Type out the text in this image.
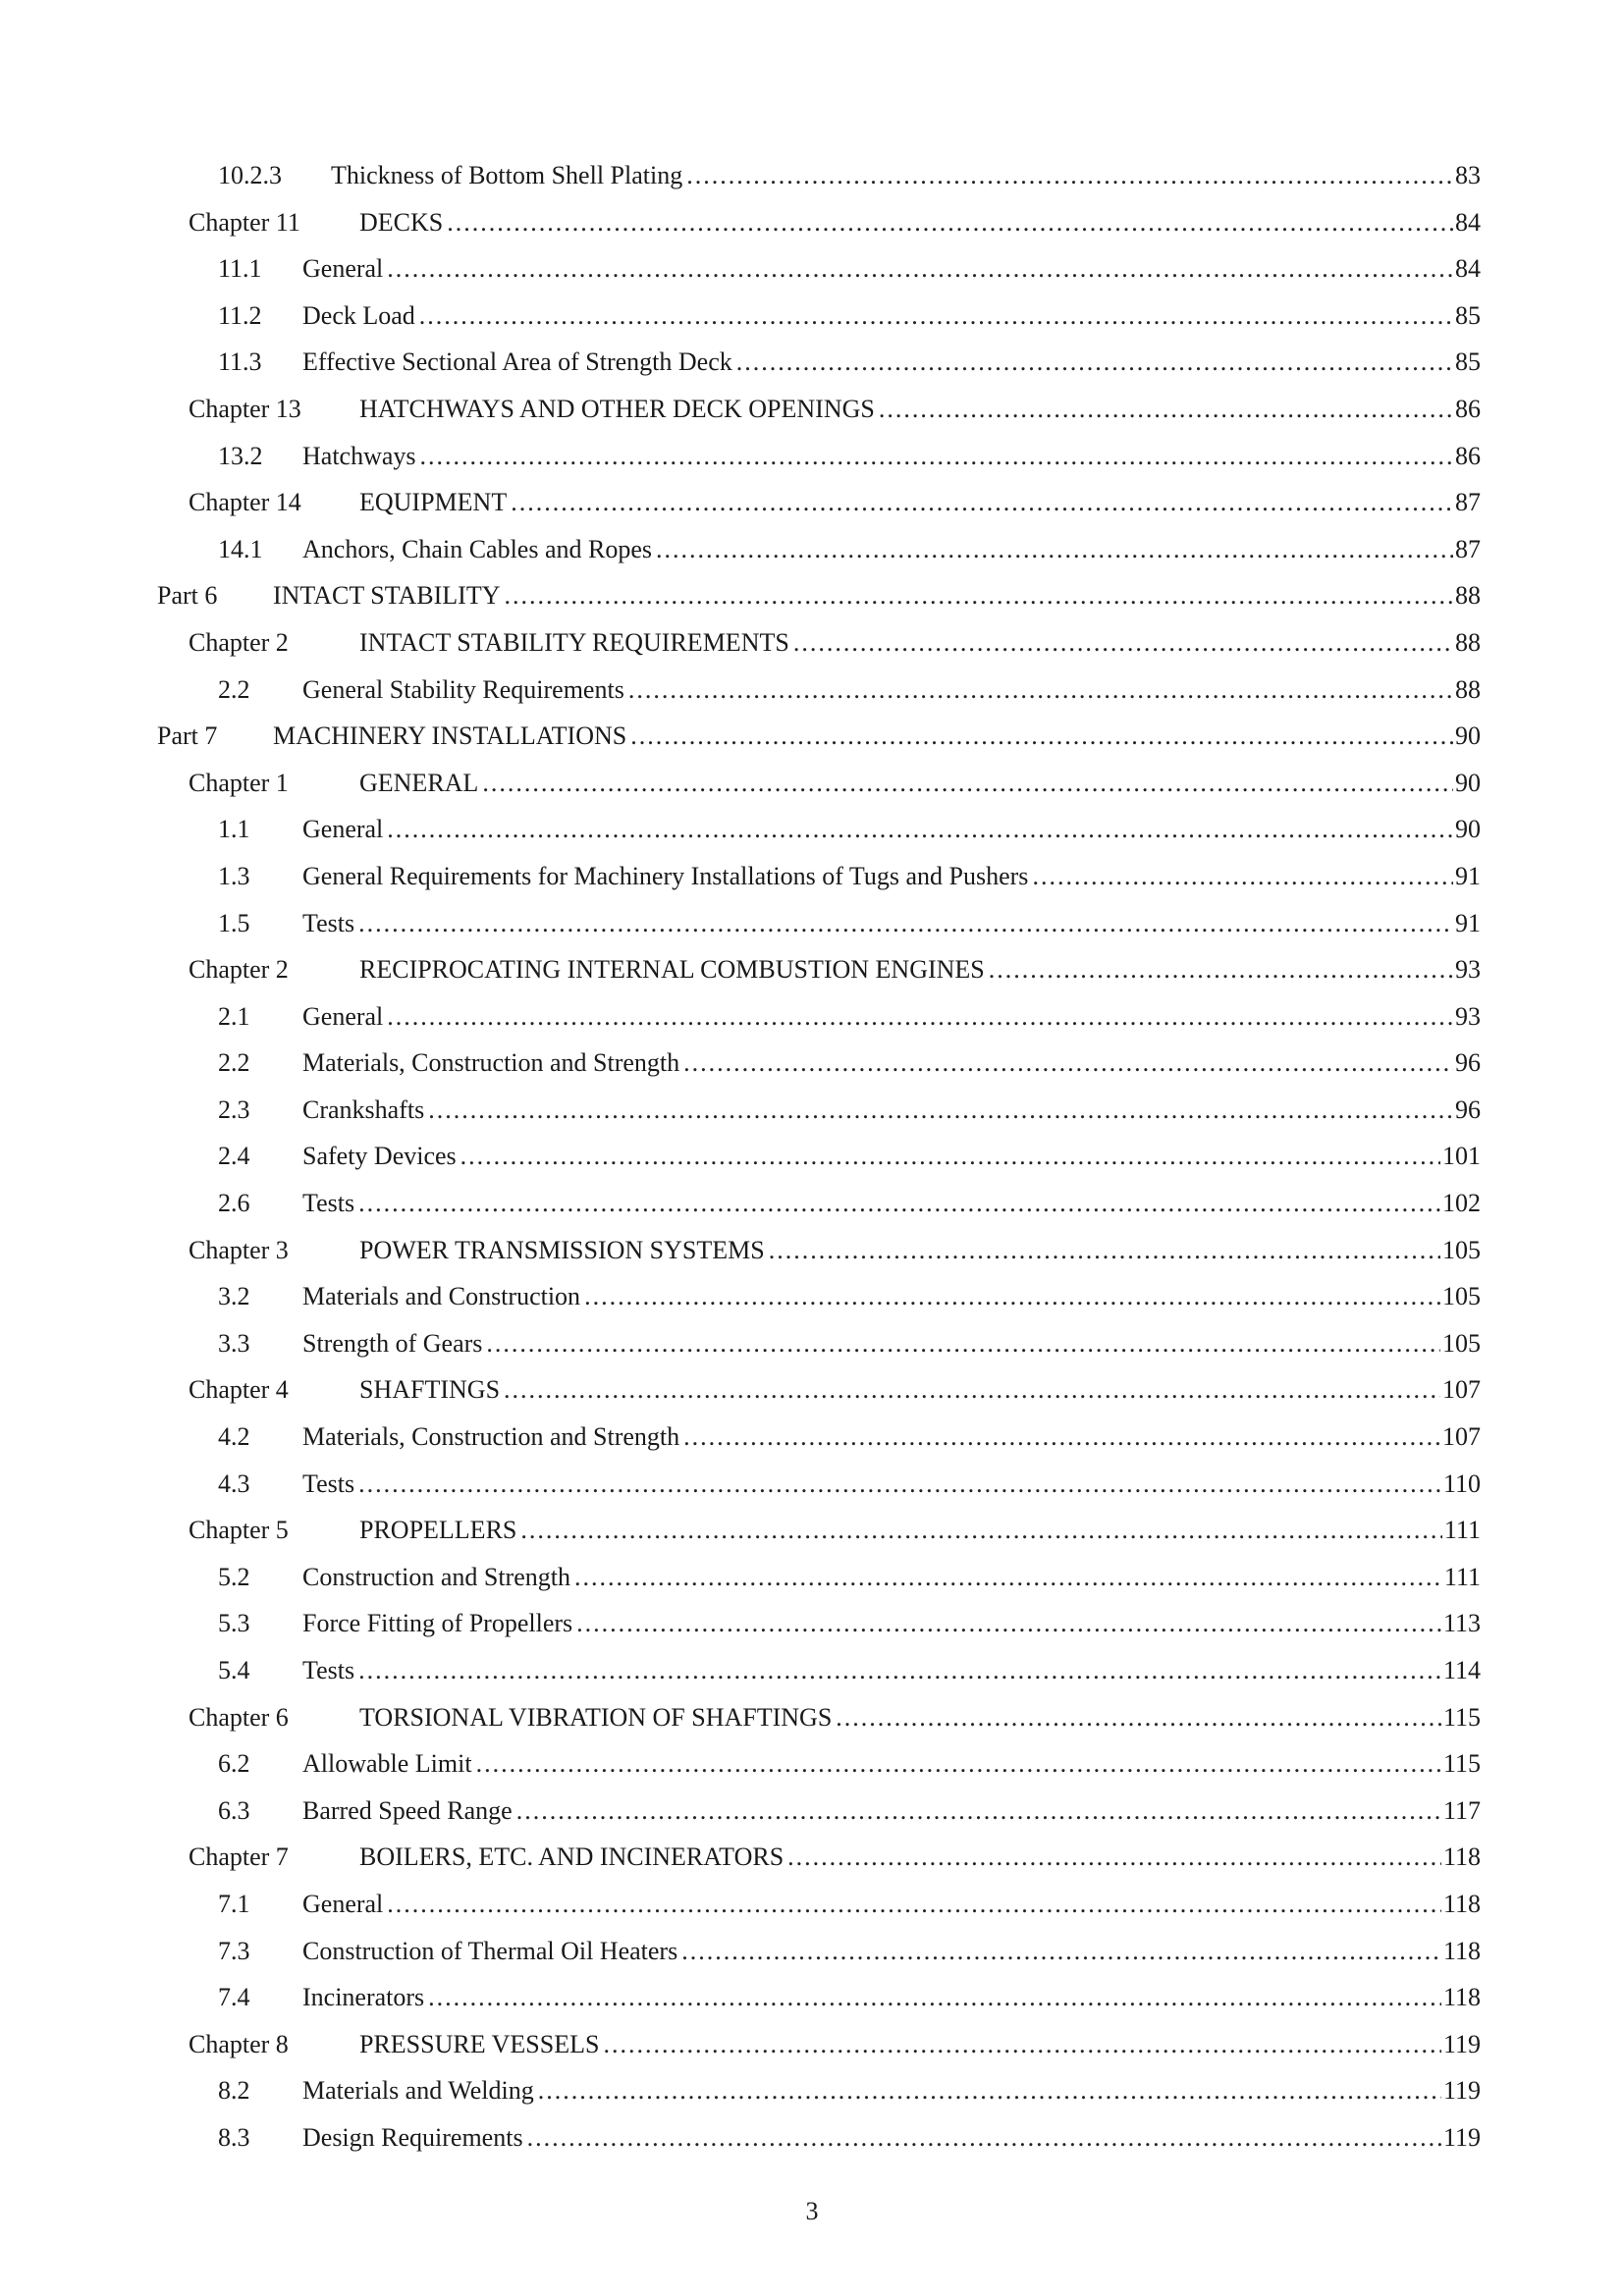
10.2.3 Thickness of Bottom Shell Plating .....	83
Chapter 11 DECKS .....	84
11.1 General .....	84
11.2 Deck Load .....	85
11.3 Effective Sectional Area of Strength Deck .....	85
Chapter 13 HATCHWAYS AND OTHER DECK OPENINGS .....	86
13.2 Hatchways .....	86
Chapter 14 EQUIPMENT .....	87
14.1 Anchors, Chain Cables and Ropes .....	87
Part 6 INTACT STABILITY .....	88
Chapter 2	INTACT STABILITY REQUIREMENTS .....	88
2.2 General Stability Requirements .....	88
Part 7 MACHINERY INSTALLATIONS .....	90
Chapter 1	GENERAL .....	90
1.1 General .....	90
1.3 General Requirements for Machinery Installations of Tugs and Pushers .....	91
1.5 Tests .....	91
Chapter 2	RECIPROCATING INTERNAL COMBUSTION ENGINES .....	93
2.1 General .....	93
2.2 Materials, Construction and Strength .....	96
2.3 Crankshafts .....	96
2.4 Safety Devices .....	101
2.6 Tests .....	102
Chapter 3	POWER TRANSMISSION SYSTEMS .....	105
3.2 Materials and Construction .....	105
3.3 Strength of Gears .....	105
Chapter 4	SHAFTINGS .....	107
4.2 Materials, Construction and Strength .....	107
4.3 Tests .....	110
Chapter 5	PROPELLERS .....	111
5.2 Construction and Strength .....	111
5.3 Force Fitting of Propellers .....	113
5.4 Tests .....	114
Chapter 6	TORSIONAL VIBRATION OF SHAFTINGS .....	115
6.2 Allowable Limit .....	115
6.3 Barred Speed Range .....	117
Chapter 7	BOILERS, ETC. AND INCINERATORS .....	118
7.1 General .....	118
7.3 Construction of Thermal Oil Heaters .....	118
7.4 Incinerators .....	118
Chapter 8	PRESSURE VESSELS .....	119
8.2 Materials and Welding .....	119
8.3 Design Requirements .....	119
3
